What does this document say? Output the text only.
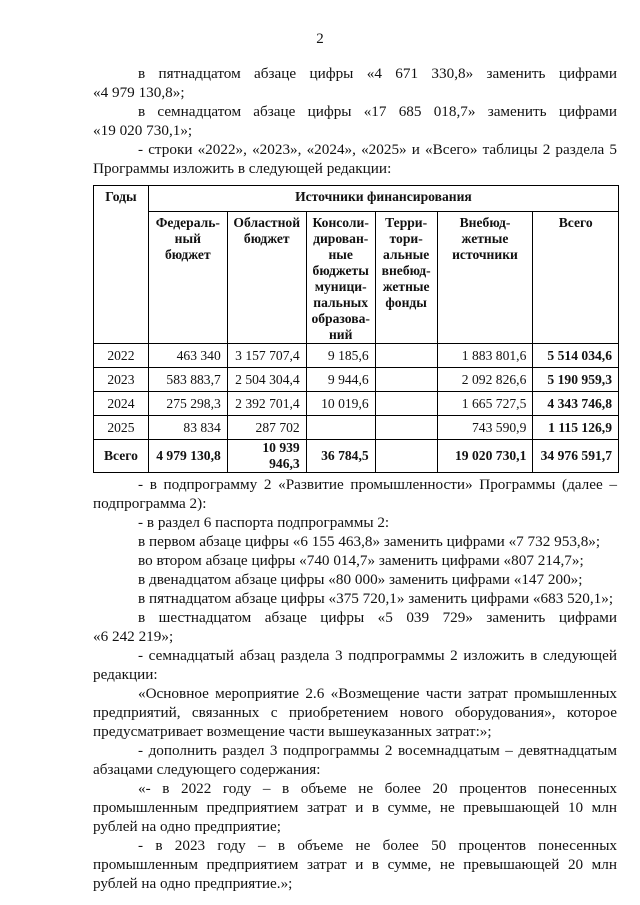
2

в пятнадцатом абзаце цифры «4 671 330,8» заменить цифрами

«4 979 130,8»;

в семнадцатом абзаце цифры «17 685 018,7» заменить цифрами

«19 020 730,1»;

- строки «2022», «2023», «2024», «2025» и «Всего» таблицы 2 раздела 5

Программы изложить в следующей редакции:

Годы	Источники финансирования					
	Федераль-ный бюджет	Областной бюджет	Консоли-дирован-ные бюджеты муници-пальных образова-ний	Терри-тори-альные внебюд-жетные фонды	Внебюд-жетные источники	Всего
2022	463 340	3 157 707,4	9 185,6		1 883 801,6	5 514 034,6
2023	583 883,7	2 504 304,4	9 944,6		2 092 826,6	5 190 959,3
2024	275 298,3	2 392 701,4	10 019,6		1 665 727,5	4 343 746,8
2025	83 834	287 702			743 590,9	1 115 126,9
Всего	4 979 130,8	10 939 946,3	36 784,5		19 020 730,1	34 976 591,7

- в подпрограмму 2 «Развитие промышленности» Программы (далее –

подпрограмма 2):

- в раздел 6 паспорта подпрограммы 2:

в первом абзаце цифры «6 155 463,8» заменить цифрами «7 732 953,8»;

во втором абзаце цифры «740 014,7» заменить цифрами «807 214,7»;

в двенадцатом абзаце цифры «80 000» заменить цифрами «147 200»;

в пятнадцатом абзаце цифры «375 720,1» заменить цифрами «683 520,1»;

в шестнадцатом абзаце цифры «5 039 729» заменить цифрами

«6 242 219»;

- семнадцатый абзац раздела 3 подпрограммы 2 изложить в следующей

редакции:

«Основное мероприятие 2.6 «Возмещение части затрат промышленных

предприятий, связанных с приобретением нового оборудования», которое

предусматривает возмещение части вышеуказанных затрат:»;

- дополнить раздел 3 подпрограммы 2 восемнадцатым – девятнадцатым

абзацами следующего содержания:

«- в 2022 году – в объеме не более 20 процентов понесенных

промышленным предприятием затрат и в сумме, не превышающей 10 млн

рублей на одно предприятие;

- в 2023 году – в объеме не более 50 процентов понесенных

промышленным предприятием затрат и в сумме, не превышающей 20 млн

рублей на одно предприятие.»;
